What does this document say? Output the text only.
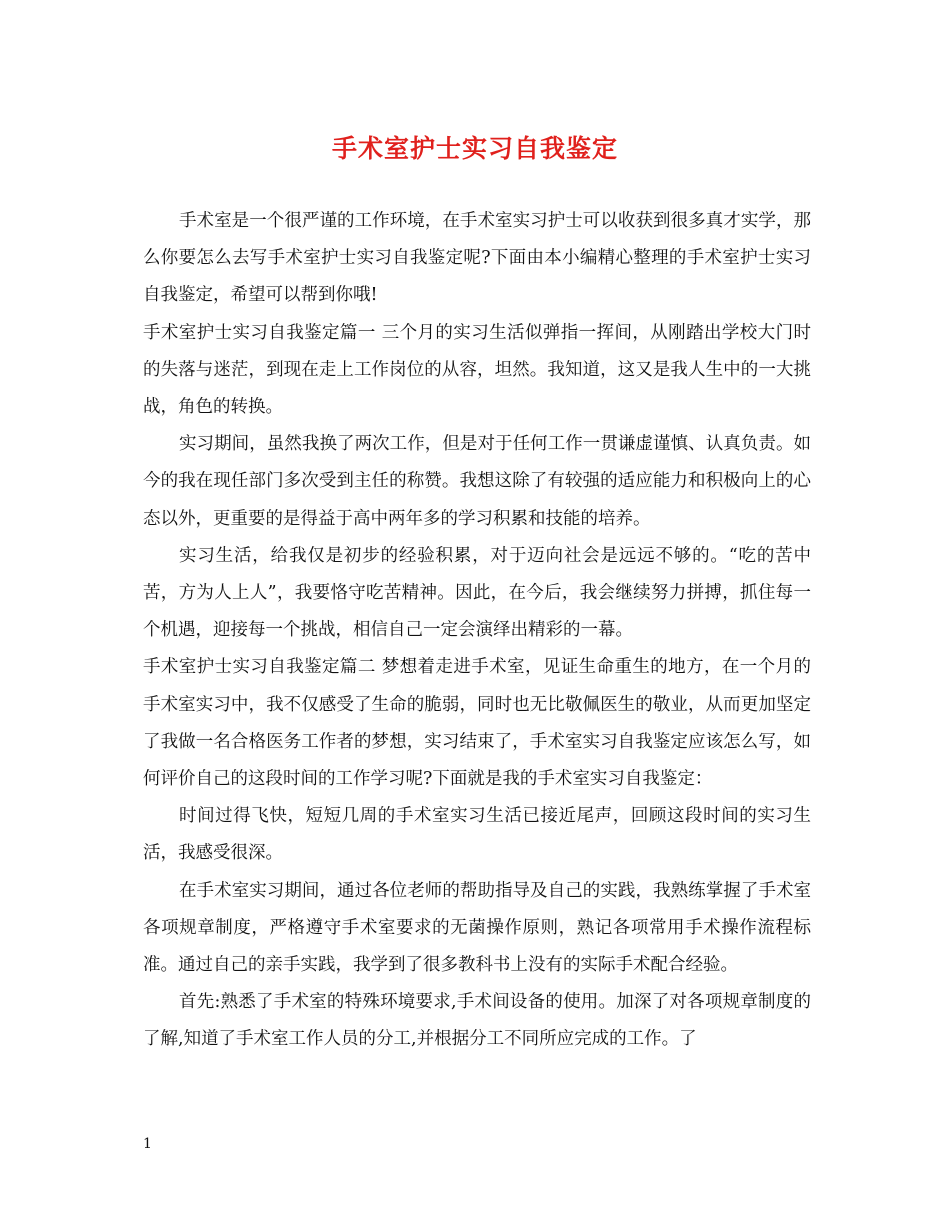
手术室护士实习自我鉴定

手术室是一个很严谨的工作环境，在手术室实习护士可以收获到很多真才实学，那么你要怎么去写手术室护士实习自我鉴定呢?下面由本小编精心整理的手术室护士实习自我鉴定，希望可以帮到你哦!

手术室护士实习自我鉴定篇一 三个月的实习生活似弹指一挥间，从刚踏出学校大门时的失落与迷茫，到现在走上工作岗位的从容，坦然。我知道，这又是我人生中的一大挑战，角色的转换。

实习期间，虽然我换了两次工作，但是对于任何工作一贯谦虚谨慎、认真负责。如今的我在现任部门多次受到主任的称赞。我想这除了有较强的适应能力和积极向上的心态以外，更重要的是得益于高中两年多的学习积累和技能的培养。

实习生活，给我仅是初步的经验积累，对于迈向社会是远远不够的。“吃的苦中苦，方为人上人”，我要恪守吃苦精神。因此，在今后，我会继续努力拼搏，抓住每一个机遇，迎接每一个挑战，相信自己一定会演绎出精彩的一幕。

手术室护士实习自我鉴定篇二 梦想着走进手术室，见证生命重生的地方，在一个月的手术室实习中，我不仅感受了生命的脆弱，同时也无比敬佩医生的敬业，从而更加坚定了我做一名合格医务工作者的梦想，实习结束了，手术室实习自我鉴定应该怎么写，如何评价自己的这段时间的工作学习呢?下面就是我的手术室实习自我鉴定：

时间过得飞快，短短几周的手术室实习生活已接近尾声，回顾这段时间的实习生活，我感受很深。

在手术室实习期间，通过各位老师的帮助指导及自己的实践，我熟练掌握了手术室各项规章制度，严格遵守手术室要求的无菌操作原则，熟记各项常用手术操作流程标准。通过自己的亲手实践，我学到了很多教科书上没有的实际手术配合经验。

首先:熟悉了手术室的特殊环境要求,手术间设备的使用。加深了对各项规章制度的了解,知道了手术室工作人员的分工,并根据分工不同所应完成的工作。了

1
